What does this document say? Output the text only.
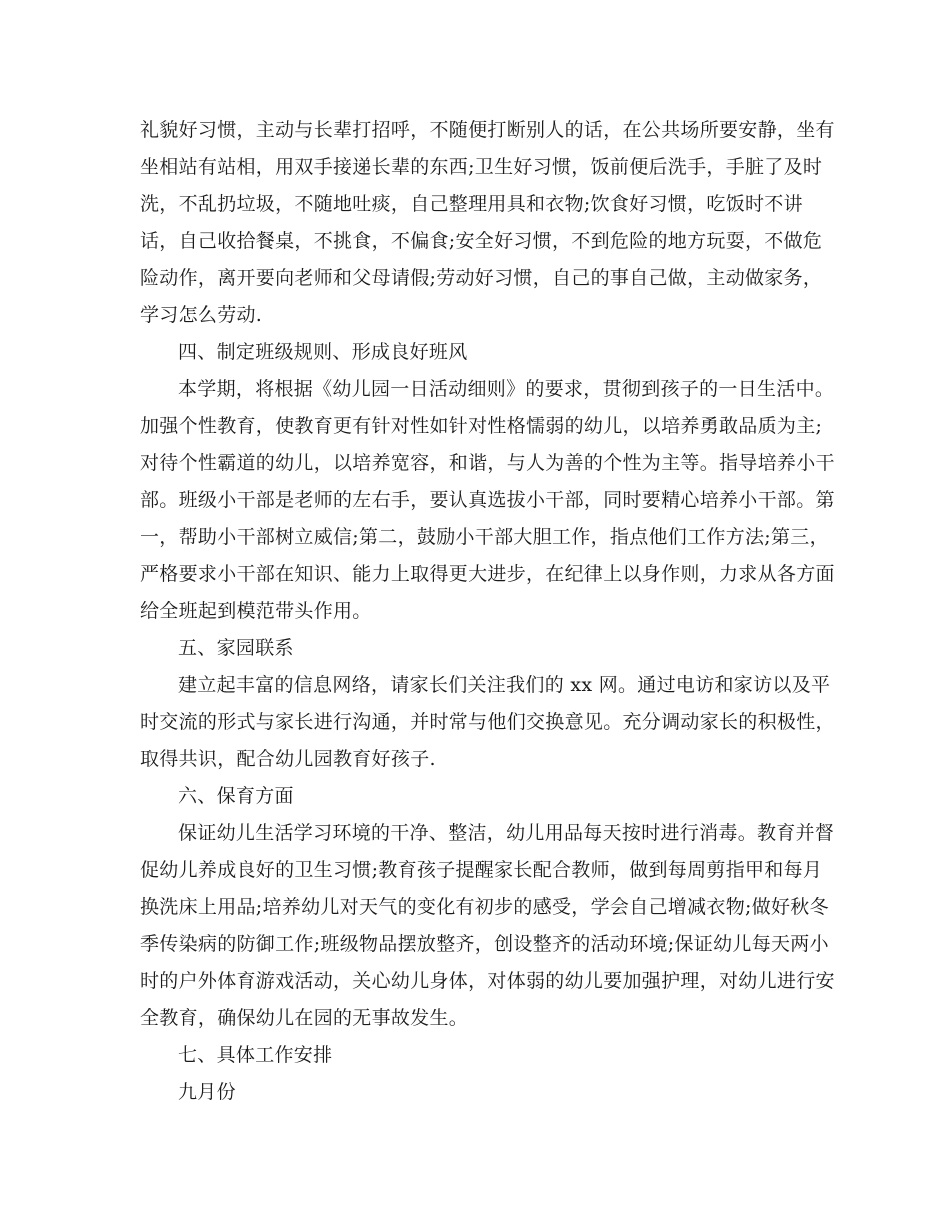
礼貌好习惯，主动与长辈打招呼，不随便打断别人的话，在公共场所要安静，坐有

坐相站有站相，用双手接递长辈的东西;卫生好习惯，饭前便后洗手，手脏了及时

洗，不乱扔垃圾，不随地吐痰，自己整理用具和衣物;饮食好习惯，吃饭时不讲

话，自己收拾餐桌，不挑食，不偏食;安全好习惯，不到危险的地方玩耍，不做危

险动作，离开要向老师和父母请假;劳动好习惯，自己的事自己做，主动做家务，

学习怎么劳动.

四、制定班级规则、形成良好班风

本学期，将根据《幼儿园一日活动细则》的要求，贯彻到孩子的一日生活中。

加强个性教育，使教育更有针对性如针对性格懦弱的幼儿，以培养勇敢品质为主;

对待个性霸道的幼儿，以培养宽容，和谐，与人为善的个性为主等。指导培养小干

部。班级小干部是老师的左右手，要认真选拔小干部，同时要精心培养小干部。第

一，帮助小干部树立威信;第二，鼓励小干部大胆工作，指点他们工作方法;第三，

严格要求小干部在知识、能力上取得更大进步，在纪律上以身作则，力求从各方面

给全班起到模范带头作用。

五、家园联系

建立起丰富的信息网络，请家长们关注我们的 xx 网。通过电访和家访以及平

时交流的形式与家长进行沟通，并时常与他们交换意见。充分调动家长的积极性，

取得共识，配合幼儿园教育好孩子.

六、保育方面

保证幼儿生活学习环境的干净、整洁，幼儿用品每天按时进行消毒。教育并督

促幼儿养成良好的卫生习惯;教育孩子提醒家长配合教师，做到每周剪指甲和每月

换洗床上用品;培养幼儿对天气的变化有初步的感受，学会自己增减衣物;做好秋冬

季传染病的防御工作;班级物品摆放整齐，创设整齐的活动环境;保证幼儿每天两小

时的户外体育游戏活动，关心幼儿身体，对体弱的幼儿要加强护理，对幼儿进行安

全教育，确保幼儿在园的无事故发生。

七、具体工作安排

九月份
